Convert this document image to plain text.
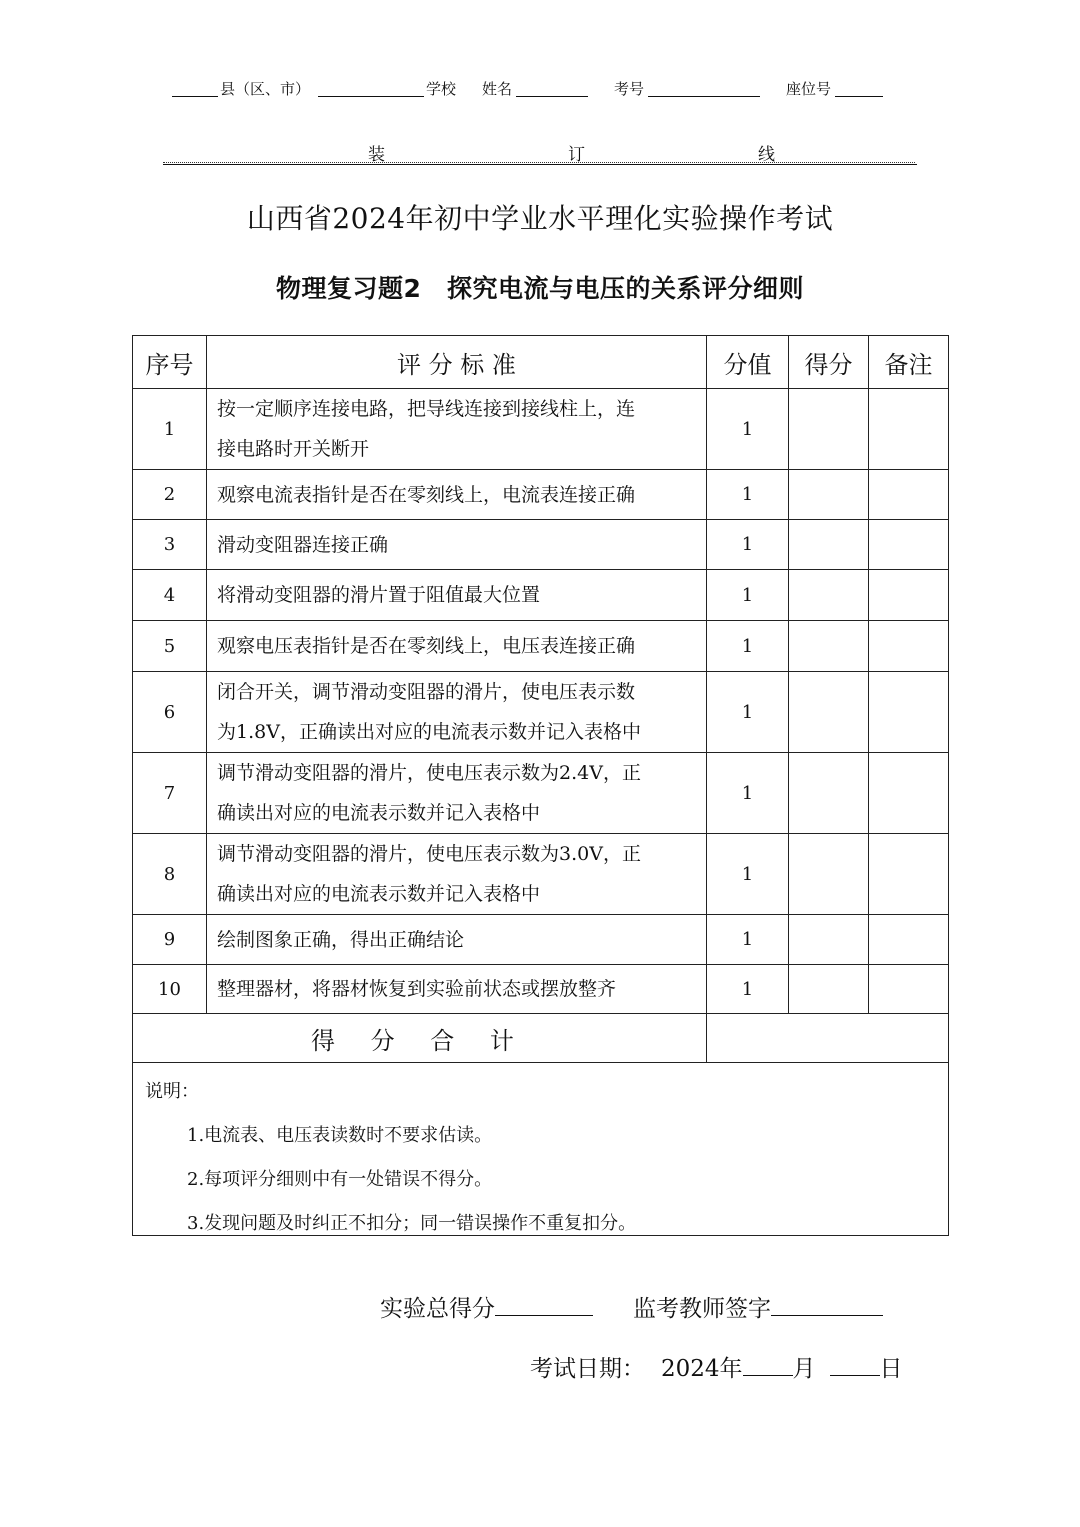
县（区、市）	学校 姓名	考号	座位号
装	订	线
山西省2024年初中学业水平理化实验操作考试
物理复习题2　探究电流与电压的关系评分细则
序号	评 分 标 准	分值	得分	备注
1	按一定顺序连接电路，把导线连接到接线柱上，连
接电路时开关断开	1		
2	观察电流表指针是否在零刻线上，电流表连接正确	1		
3	滑动变阻器连接正确	1		
4	将滑动变阻器的滑片置于阻值最大位置	1		
5	观察电压表指针是否在零刻线上，电压表连接正确	1		
6	闭合开关，调节滑动变阻器的滑片，使电压表示数
为1.8V，正确读出对应的电流表示数并记入表格中	1		
7	调节滑动变阻器的滑片，使电压表示数为2.4V，正
确读出对应的电流表示数并记入表格中	1		
8	调节滑动变阻器的滑片，使电压表示数为3.0V，正
确读出对应的电流表示数并记入表格中	1		
9	绘制图象正确，得出正确结论	1		
10	整理器材，将器材恢复到实验前状态或摆放整齐	1		
得 分 合 计				

说明：
1.电流表、电压表读数时不要求估读。
2.每项评分细则中有一处错误不得分。
3.发现问题及时纠正不扣分；同一错误操作不重复扣分。				
实验总得分	监考教师签字
考试日期： 2024年 月	日
